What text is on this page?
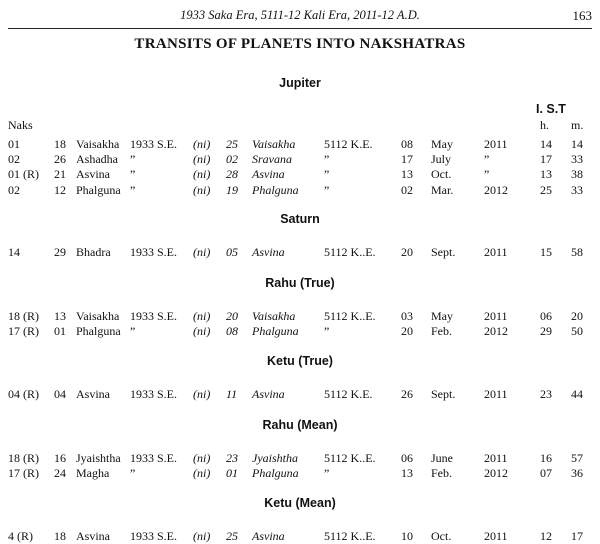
1933 Saka Era, 5111-12 Kali Era, 2011-12 A.D.	163
TRANSITS OF PLANETS INTO NAKSHATRAS
I. S.T
h. m.
Naks
Jupiter
01	18 Vaisakha 1933 S.E. (ni) 25 Vaisakha 5112 K.E. 08 May	2011	14 14
02	26 Ashadha ”	(ni) 02 Sravana	”	17 July	”	17 33
01 (R) 21 Asvina ”	(ni) 28 Asvina	”	13 Oct.	”	13 38
02	12 Phalguna ”	(ni) 19 Phalguna ”	02 Mar.	2012	25 33
Saturn
14	29 Bhadra 1933 S.E. (ni) 05 Asvina	5112 K..E. 20 Sept. 2011	15 58
Rahu (True)
18 (R) 13 Vaisakha 1933 S.E. (ni) 20 Vaisakha 5112 K..E. 03 May	2011	06 20
17 (R) 01 Phalguna ”	(ni) 08 Phalguna ”	20 Feb.	2012	29 50
Ketu (True)
04 (R) 04 Asvina 1933 S.E. (ni) 11 Asvina	5112 K.E. 26 Sept. 2011	23 44
Rahu (Mean)
18 (R) 16 Jyaishtha 1933 S.E. (ni) 23 Jyaishtha 5112 K..E. 06 June	2011	16 57
17 (R) 24 Magha ”	(ni) 01 Phalguna ”	13 Feb.	2012	07 36
Ketu (Mean)
4 (R) 18 Asvina 1933 S.E. (ni) 25 Asvina	5112 K..E. 10 Oct.	2011	12 17
